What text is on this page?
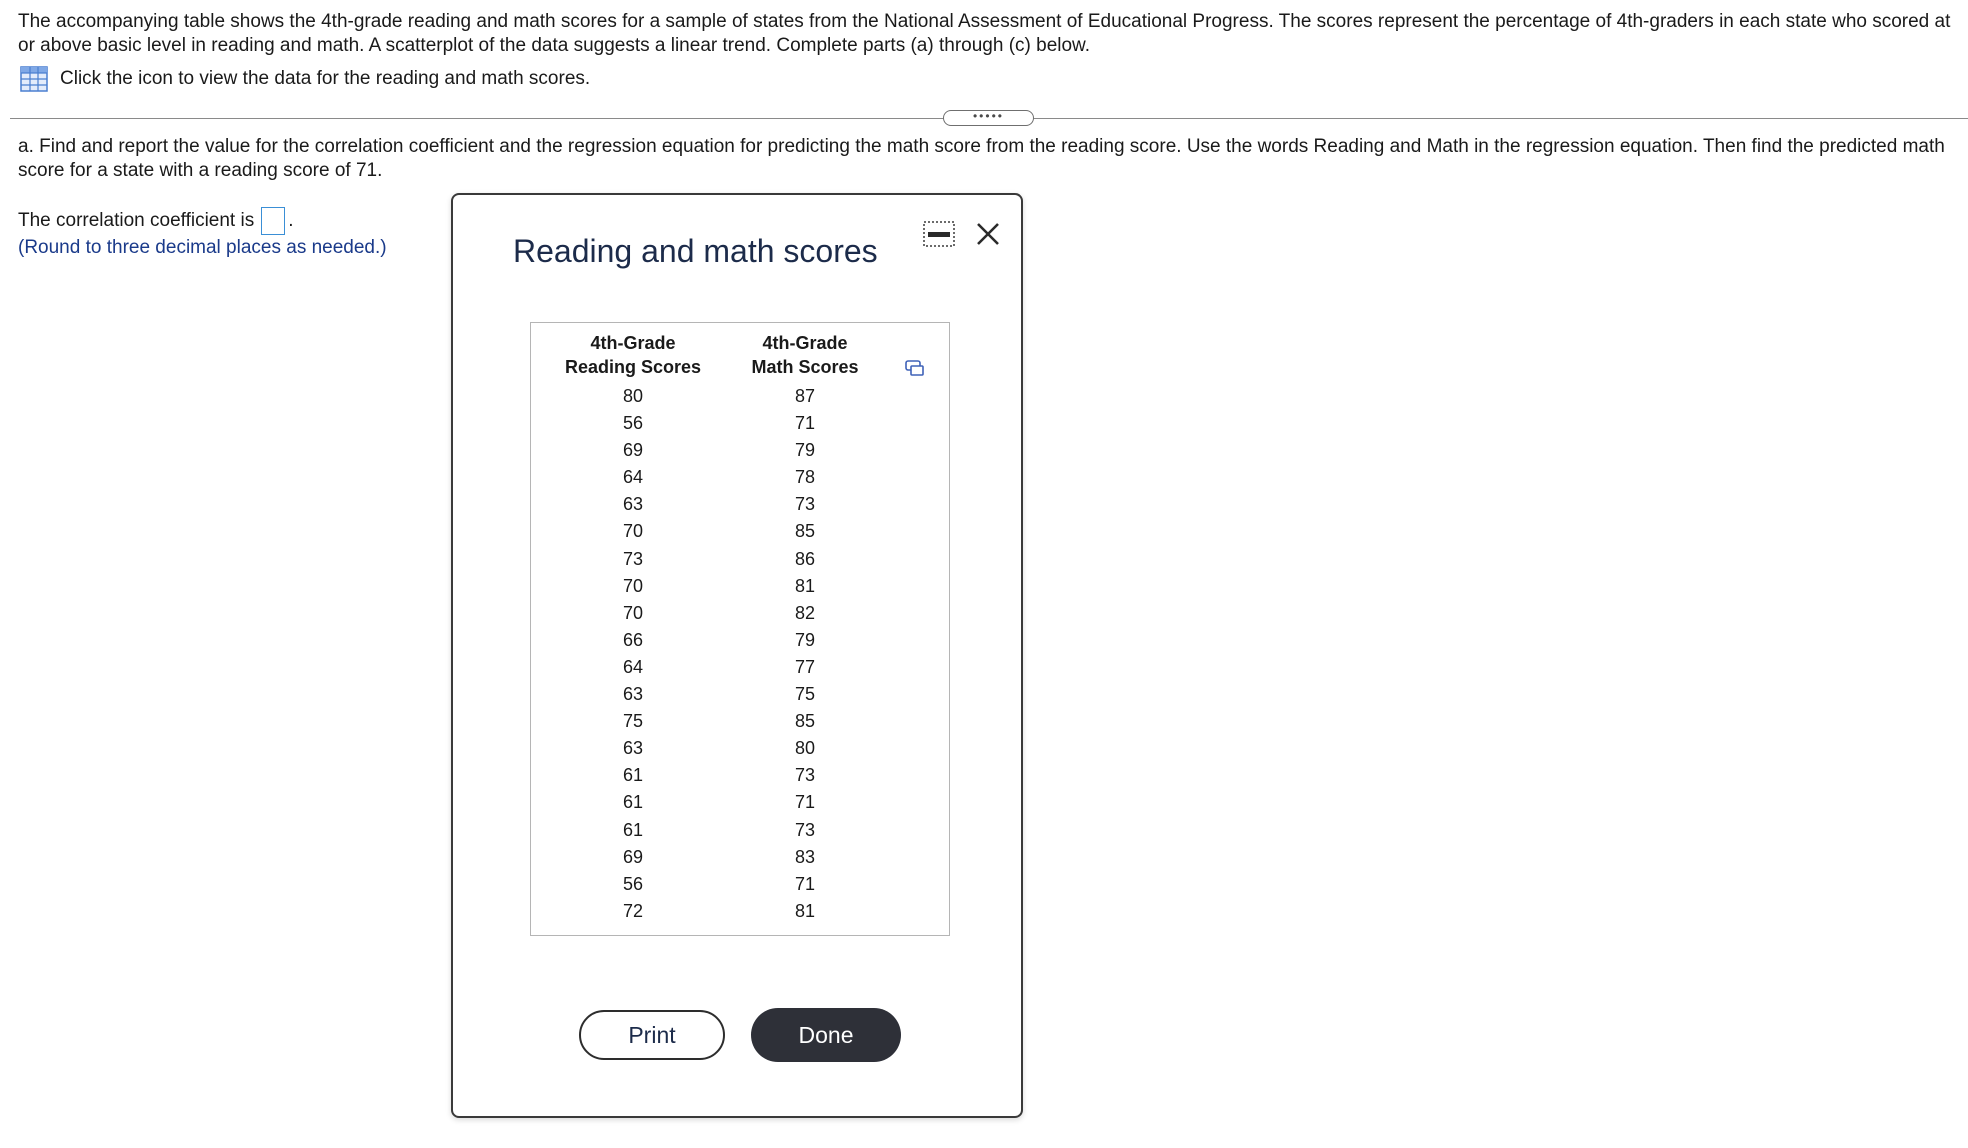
The accompanying table shows the 4th-grade reading and math scores for a sample of states from the National Assessment of Educational Progress. The scores represent the percentage of 4th-graders in each state who scored at or above basic level in reading and math. A scatterplot of the data suggests a linear trend. Complete parts (a) through (c) below.
Click the icon to view the data for the reading and math scores.
•••••
a. Find and report the value for the correlation coefficient and the regression equation for predicting the math score from the reading score. Use the words Reading and Math in the regression equation. Then find the predicted math score for a state with a reading score of 71.
The correlation coefficient is .
(Round to three decimal places as needed.)	Reading and math scores
4th-Grade
Reading Scores
4th-Grade
Math Scores
80	87
56	71
69	79
64	78
63	73
70	85
73	86
70	81
70	82
66	79
64	77
63	75
75	85
63	80
61	73
61	71
61	73
69	83
56	71
72	81
Print	Done
